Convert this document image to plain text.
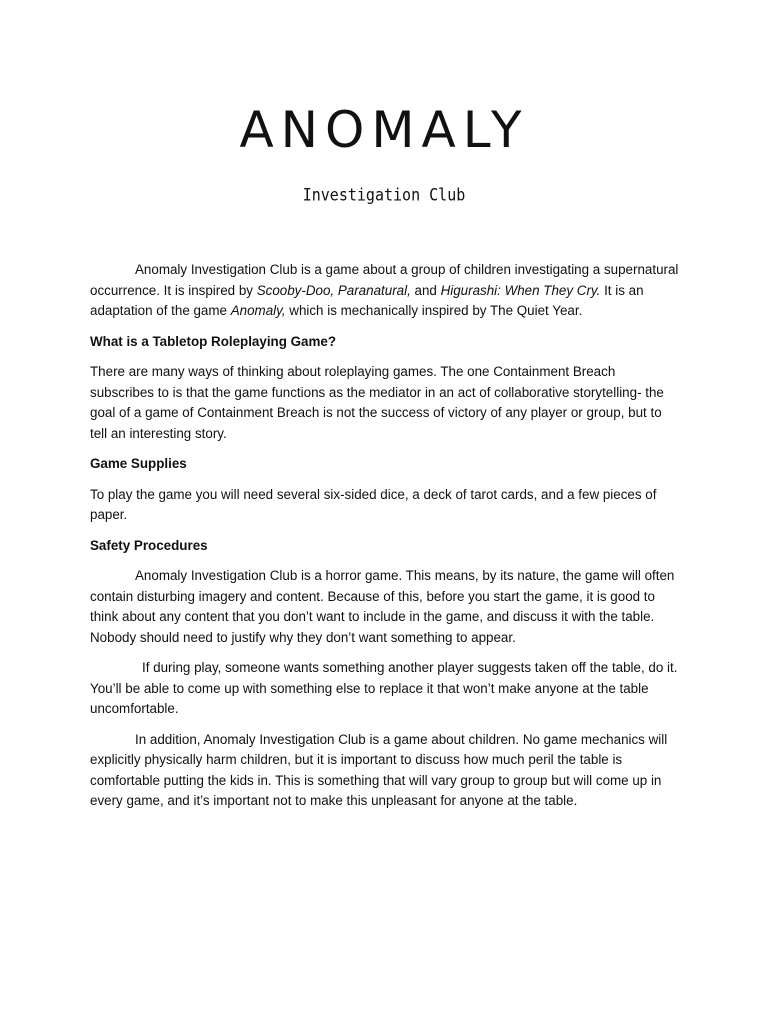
ANOMALY
Investigation Club

Anomaly Investigation Club is a game about a group of children investigating a supernatural occurrence. It is inspired by Scooby-Doo, Paranatural, and Higurashi: When They Cry. It is an adaptation of the game Anomaly, which is mechanically inspired by The Quiet Year.

What is a Tabletop Roleplaying Game?

There are many ways of thinking about roleplaying games. The one Containment Breach subscribes to is that the game functions as the mediator in an act of collaborative storytelling- the goal of a game of Containment Breach is not the success of victory of any player or group, but to tell an interesting story.

Game Supplies

To play the game you will need several six-sided dice, a deck of tarot cards, and a few pieces of paper.

Safety Procedures

Anomaly Investigation Club is a horror game. This means, by its nature, the game will often contain disturbing imagery and content. Because of this, before you start the game, it is good to think about any content that you don’t want to include in the game, and discuss it with the table. Nobody should need to justify why they don’t want something to appear.

If during play, someone wants something another player suggests taken off the table, do it. You’ll be able to come up with something else to replace it that won’t make anyone at the table uncomfortable.

In addition, Anomaly Investigation Club is a game about children. No game mechanics will explicitly physically harm children, but it is important to discuss how much peril the table is comfortable putting the kids in. This is something that will vary group to group but will come up in every game, and it’s important not to make this unpleasant for anyone at the table.
